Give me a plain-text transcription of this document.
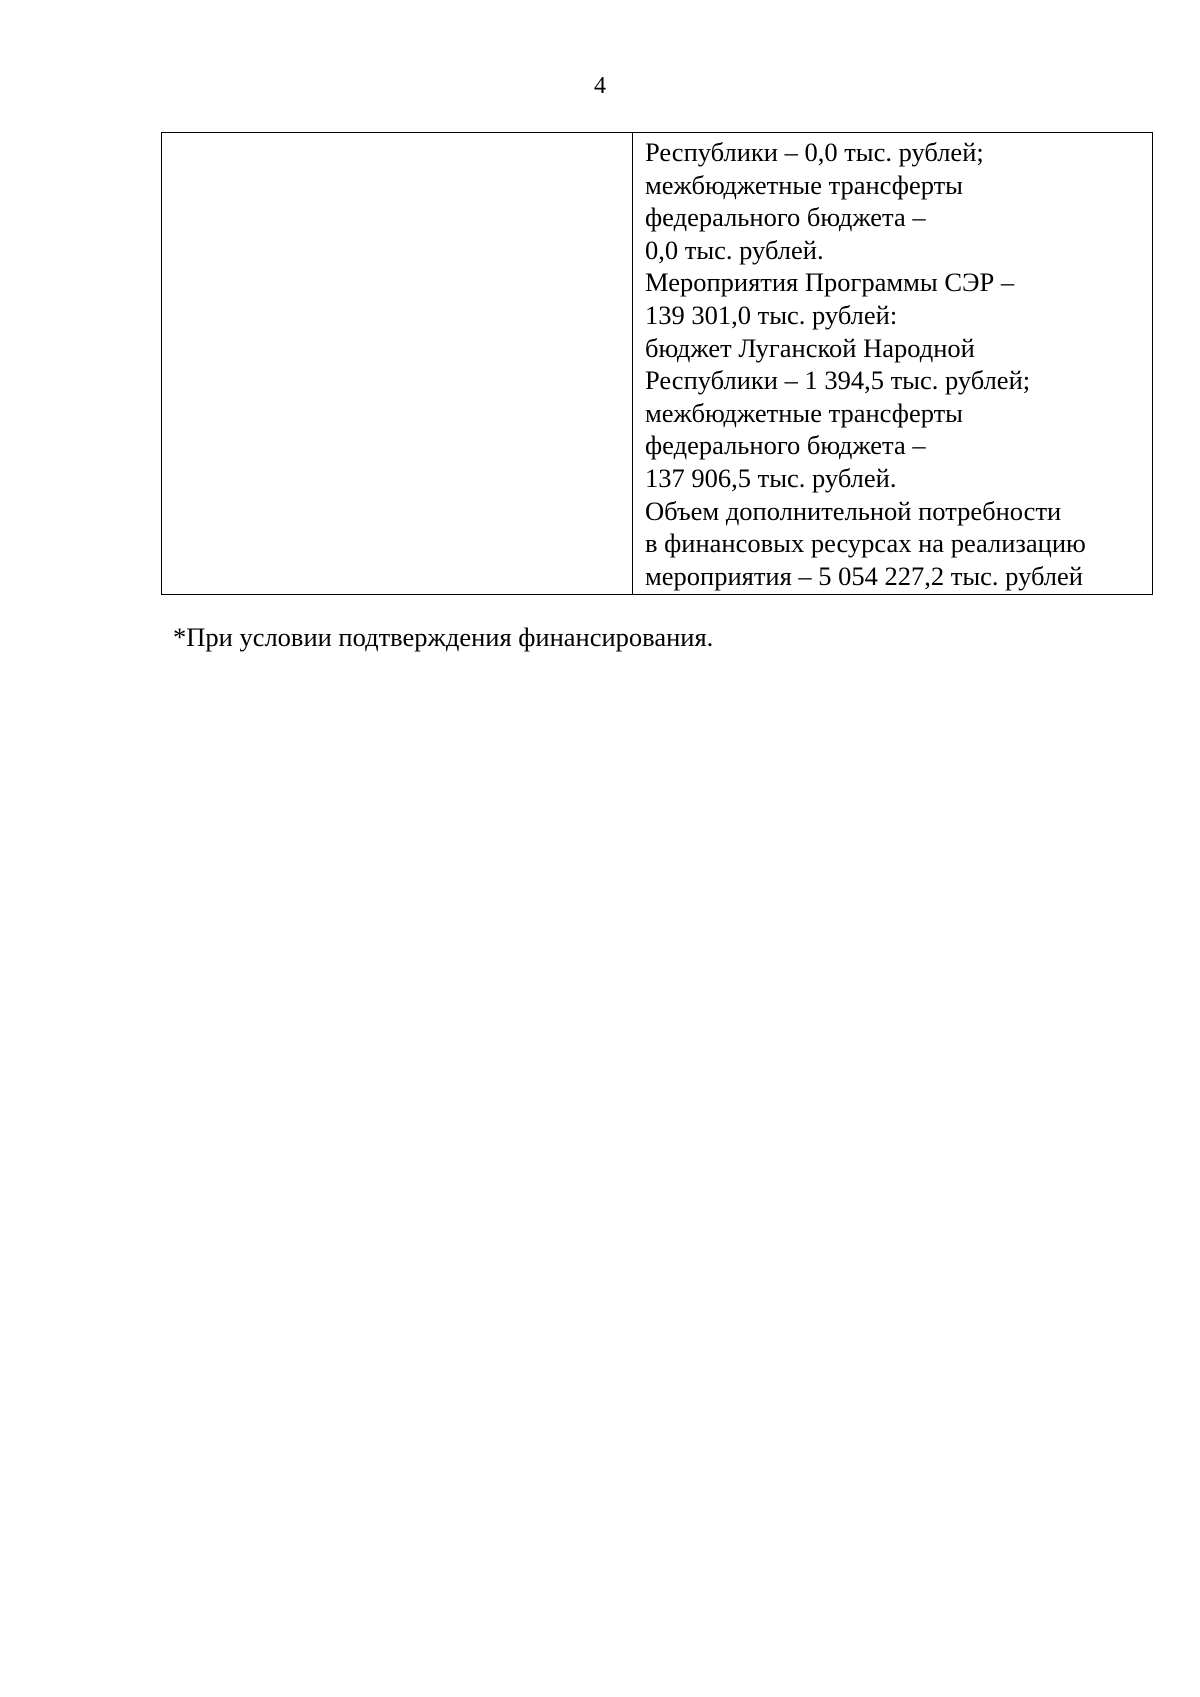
4

Республики – 0,0 тыс. рублей;
межбюджетные трансферты
федерального бюджета –
0,0 тыс. рублей.
Мероприятия Программы СЭР –
139 301,0 тыс. рублей:
бюджет Луганской Народной
Республики – 1 394,5 тыс. рублей;
межбюджетные трансферты
федерального бюджета –
137 906,5 тыс. рублей.
Объем дополнительной потребности
в финансовых ресурсах на реализацию
мероприятия – 5 054 227,2 тыс. рублей
*При условии подтверждения финансирования.
